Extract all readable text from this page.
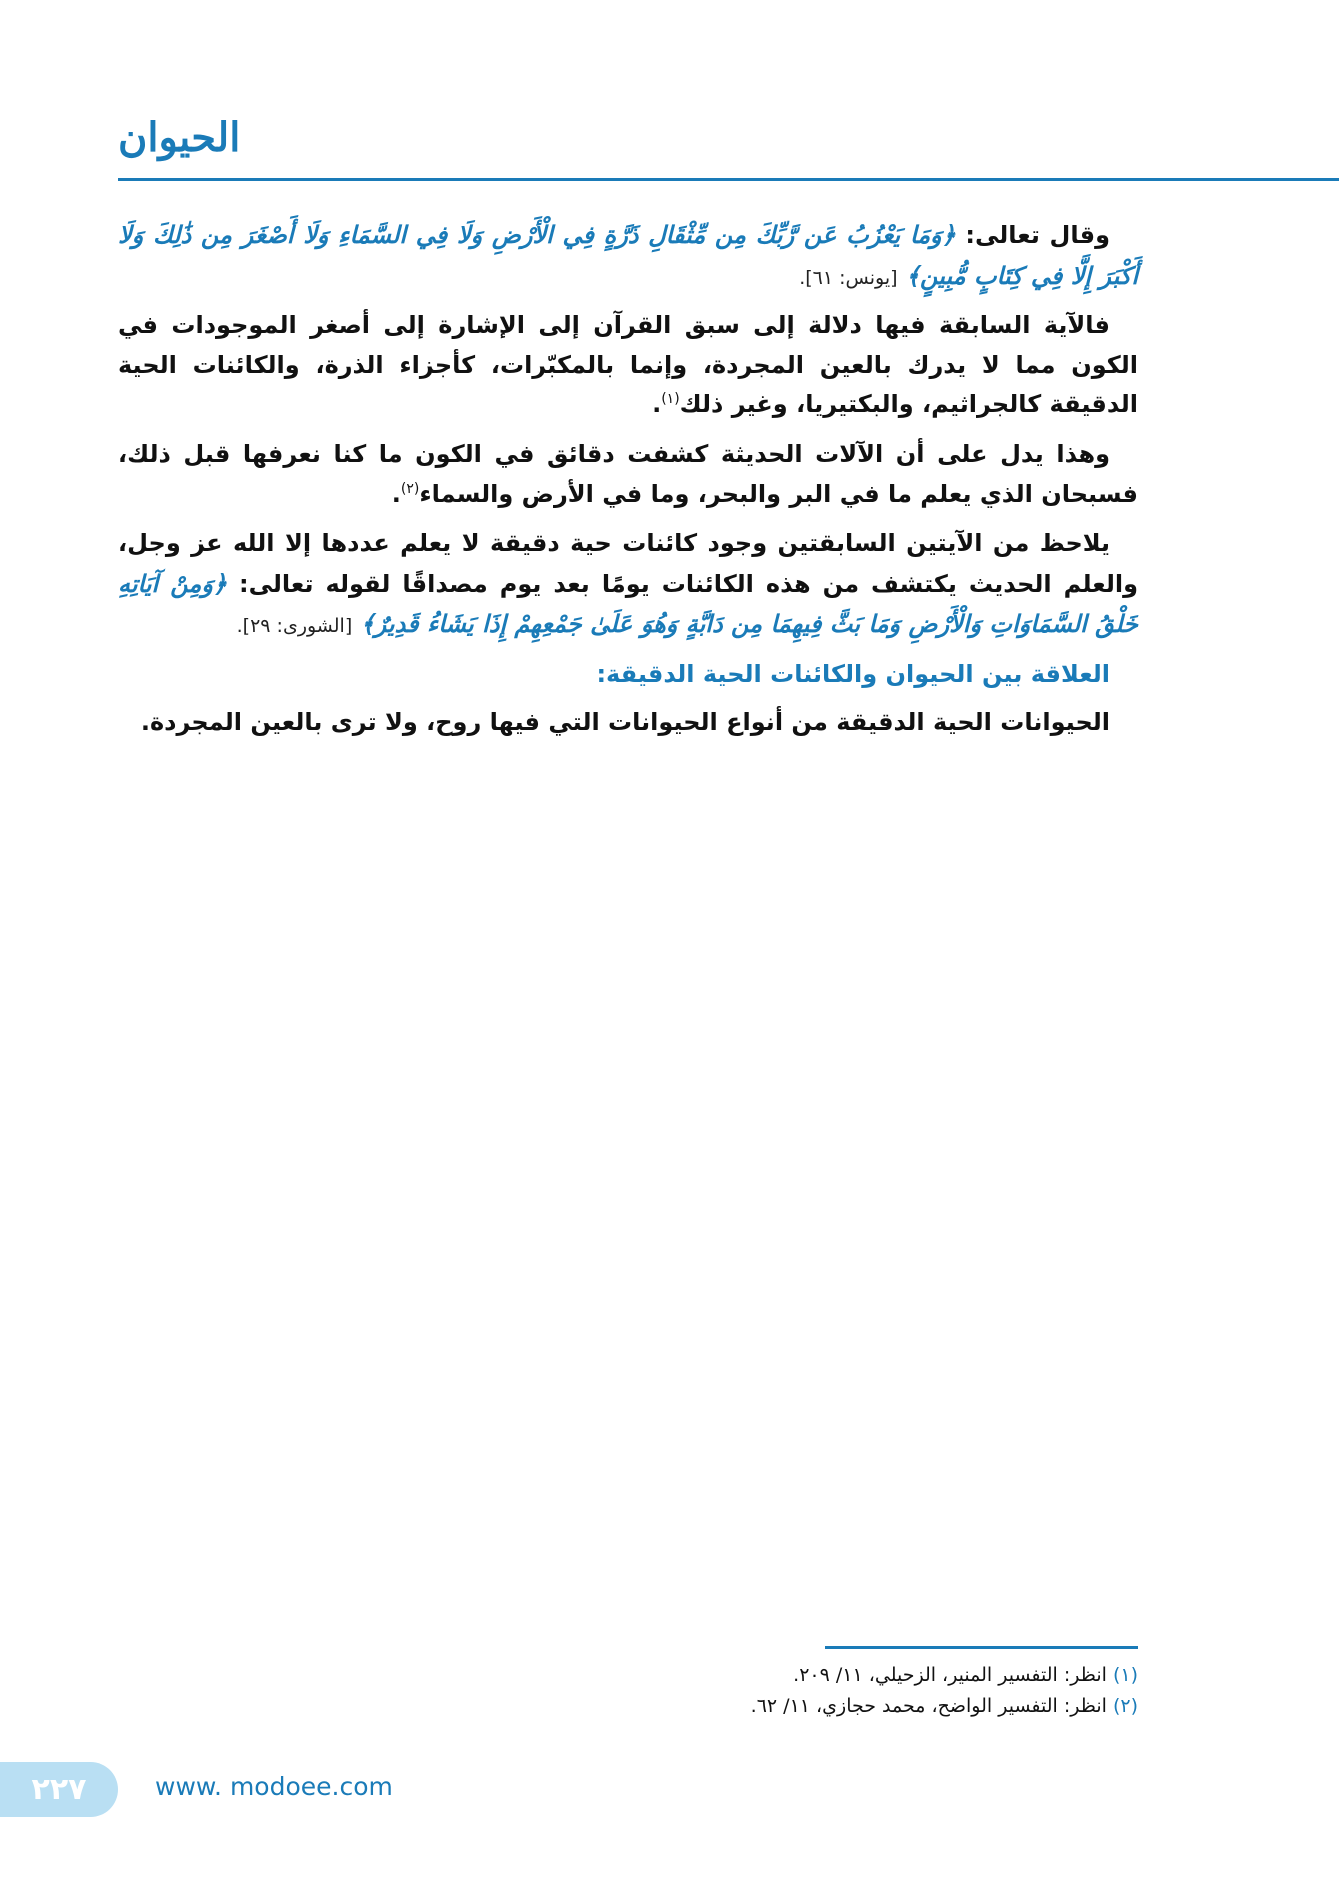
الحيوان

وقال تعالى: ﴿وَمَا يَعْزُبُ عَن رَّبِّكَ مِن مِّثْقَالِ ذَرَّةٍ فِي الْأَرْضِ وَلَا فِي السَّمَاءِ وَلَا أَصْغَرَ مِن ذَٰلِكَ وَلَا أَكْبَرَ إِلَّا فِي كِتَابٍ مُّبِينٍ﴾ [يونس: ٦١].

فالآية السابقة فيها دلالة إلى سبق القرآن إلى الإشارة إلى أصغر الموجودات في الكون مما لا يدرك بالعين المجردة، وإنما بالمكبّرات، كأجزاء الذرة، والكائنات الحية الدقيقة كالجراثيم، والبكتيريا، وغير ذلك$^{(١)}$.

وهذا يدل على أن الآلات الحديثة كشفت دقائق في الكون ما كنا نعرفها قبل ذلك، فسبحان الذي يعلم ما في البر والبحر، وما في الأرض والسماء$^{(٢)}$.

يلاحظ من الآيتين السابقتين وجود كائنات حية دقيقة لا يعلم عددها إلا الله عز وجل، والعلم الحديث يكتشف من هذه الكائنات يومًا بعد يوم مصداقًا لقوله تعالى: ﴿وَمِنْ آيَاتِهِ خَلْقُ السَّمَاوَاتِ وَالْأَرْضِ وَمَا بَثَّ فِيهِمَا مِن دَابَّةٍ وَهُوَ عَلَىٰ جَمْعِهِمْ إِذَا يَشَاءُ قَدِيرٌ﴾ [الشورى: ٢٩].

العلاقة بين الحيوان والكائنات الحية الدقيقة:

الحيوانات الحية الدقيقة من أنواع الحيوانات التي فيها روح، ولا ترى بالعين المجردة.

(١) انظر: التفسير المنير، الزحيلي، ١١/ ٢٠٩.
(٢) انظر: التفسير الواضح، محمد حجازي، ١١/ ٦٢.
٢٢٧	www. modoee.com
